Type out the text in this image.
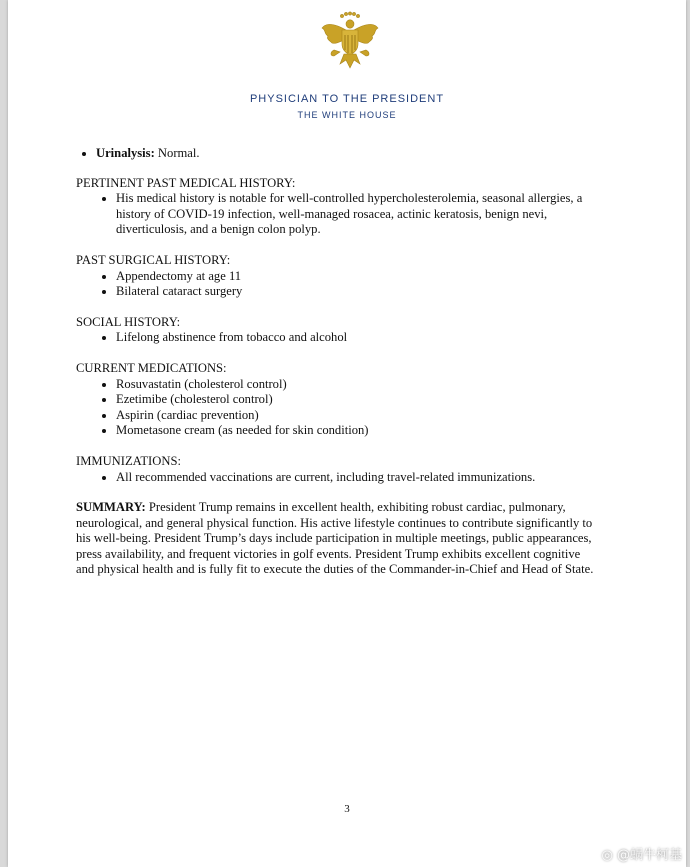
PHYSICIAN TO THE PRESIDENT
THE WHITE HOUSE
• Urinalysis: Normal.

PERTINENT PAST MEDICAL HISTORY:

• His medical history is notable for well-controlled hypercholesterolemia, seasonal allergies, a history of COVID-19 infection, well-managed rosacea, actinic keratosis, benign nevi, diverticulosis, and a benign colon polyp.

PAST SURGICAL HISTORY:

• Appendectomy at age 11
• Bilateral cataract surgery

SOCIAL HISTORY:

• Lifelong abstinence from tobacco and alcohol

CURRENT MEDICATIONS:

• Rosuvastatin (cholesterol control)
• Ezetimibe (cholesterol control)
• Aspirin (cardiac prevention)
• Mometasone cream (as needed for skin condition)

IMMUNIZATIONS:

• All recommended vaccinations are current, including travel-related immunizations.

SUMMARY: President Trump remains in excellent health, exhibiting robust cardiac, pulmonary, neurological, and general physical function. His active lifestyle continues to contribute significantly to his well-being. President Trump’s days include participation in multiple meetings, public appearances, press availability, and frequent victories in golf events. President Trump exhibits excellent cognitive and physical health and is fully fit to execute the duties of the Commander-in-Chief and Head of State.

3
◎ @蜗牛柯基
